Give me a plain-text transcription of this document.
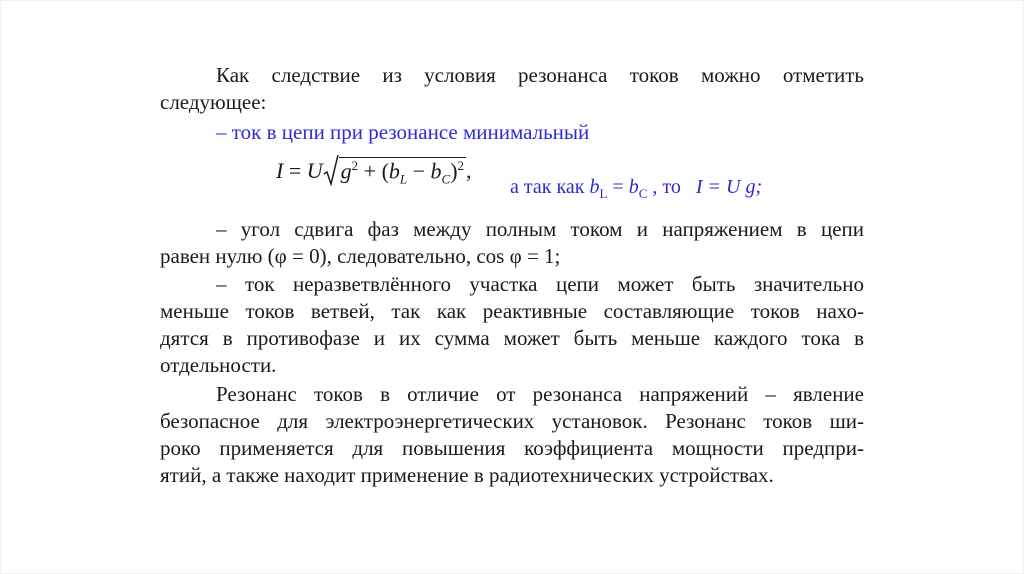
Как следствие из условия резонанса токов можно отметить
следующее:
– ток в цепи при резонансе минимальный
I = U $g^2 + (b_L - b_C)^2$,
а так как $b_L = b_C$ , то I = U g;
– угол сдвига фаз между полным током и напряжением в цепи
равен нулю (φ = 0), следовательно, cos φ = 1;
– ток неразветвлённого участка цепи может быть значительно
меньше токов ветвей, так как реактивные составляющие токов нахо-
дятся в противофазе и их сумма может быть меньше каждого тока в
отдельности.
Резонанс токов в отличие от резонанса напряжений – явление
безопасное для электроэнергетических установок. Резонанс токов ши-
роко применяется для повышения коэффициента мощности предпри-
ятий, а также находит применение в радиотехнических устройствах.
